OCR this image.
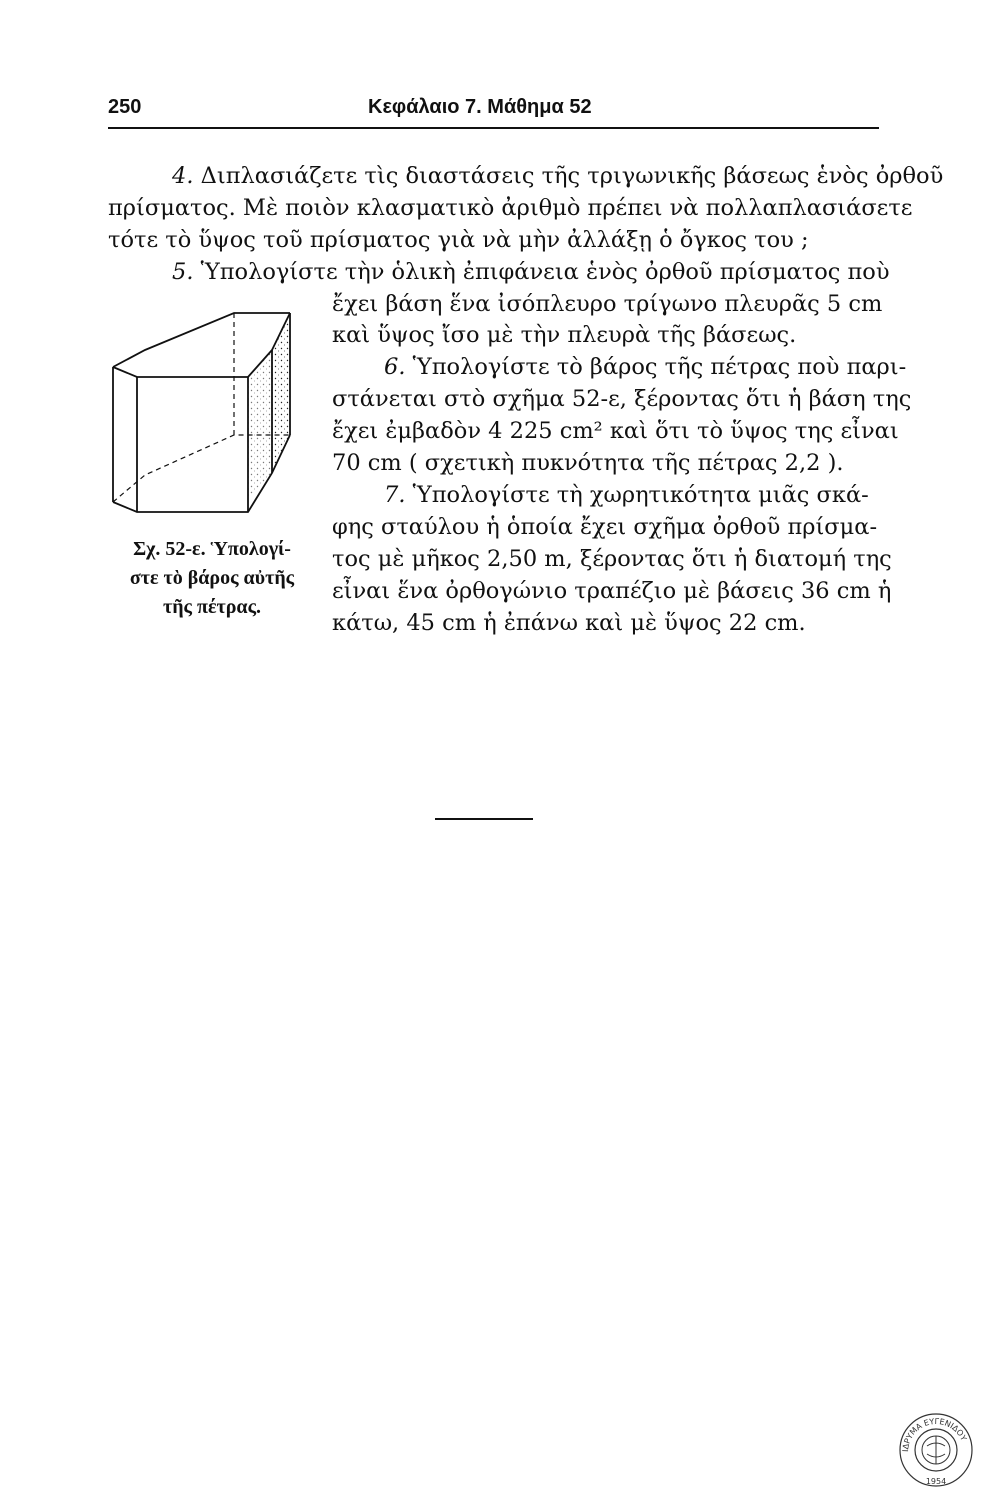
250	Κεφάλαιο 7. Μάθημα 52
4. Διπλασιάζετε τὶς διαστάσεις τῆς τριγωνικῆς βάσεως ἑνὸς ὀρθοῦ
πρίσματος. Μὲ ποιὸν κλασματικὸ ἀριθμὸ πρέπει νὰ πολλαπλασιάσετε
τότε τὸ ὕψος τοῦ πρίσματος γιὰ νὰ μὴν ἀλλάξῃ ὁ ὄγκος του ;
5. Ὑπολογίστε τὴν ὁλικὴ ἐπιφάνεια ἑνὸς ὀρθοῦ πρίσματος ποὺ
ἔχει βάση ἕνα ἰσόπλευρο τρίγωνο πλευρᾶς 5 cm
καὶ ὕψος ἴσο μὲ τὴν πλευρὰ τῆς βάσεως.
6. Ὑπολογίστε τὸ βάρος τῆς πέτρας ποὺ παρι-
στάνεται στὸ σχῆμα 52-ε, ξέροντας ὅτι ἡ βάση της
ἔχει ἐμβαδὸν 4 225 cm² καὶ ὅτι τὸ ὕψος της εἶναι
70 cm ( σχετικὴ πυκνότητα τῆς πέτρας 2,2 ).
7. Ὑπολογίστε τὴ χωρητικότητα μιᾶς σκά-
φης σταύλου ἡ ὁποία ἔχει σχῆμα ὀρθοῦ πρίσμα-
τος μὲ μῆκος 2,50 m, ξέροντας ὅτι ἡ διατομή της
εἶναι ἕνα ὀρθογώνιο τραπέζιο μὲ βάσεις 36 cm ἡ
κάτω, 45 cm ἡ ἐπάνω καὶ μὲ ὕψος 22 cm.
Σχ. 52-ε. Ὑπολογί-
στε τὸ βάρος αὐτῆς
τῆς πέτρας.
ΙΔΡΥΜΑ ΕΥΓΕΝΙΔΟΥ
1954
